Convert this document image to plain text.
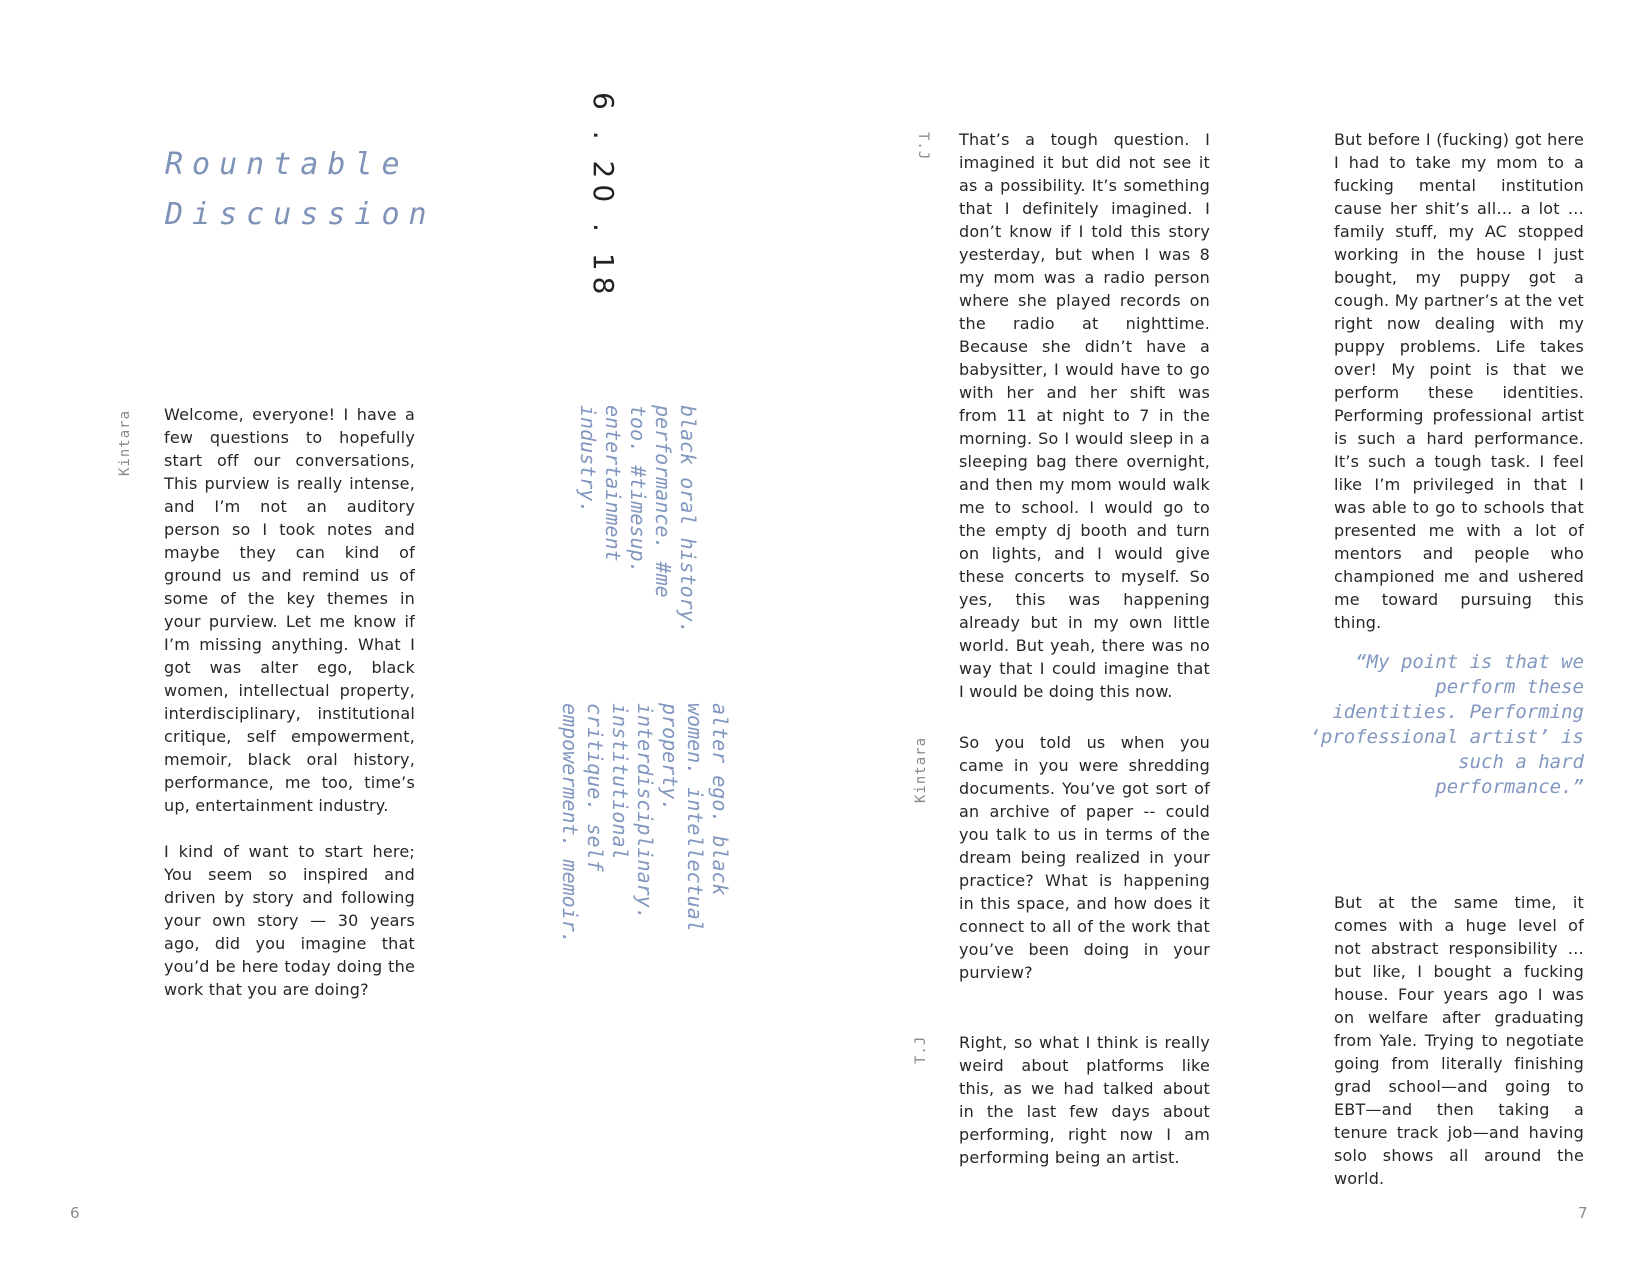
Rountable
Discussion	6 . 20 . 18

black oral history.
performance. #me
too. #timesup.
entertainment
industry.

alter ego. black
women. intellectual
property.
interdisciplinary.
institutional
critique. self
empowerment. memoir.

Kintara Welcome, everyone! I have a few questions to hopefully start off our conversations, This purview is really intense, and I’m not an auditory person so I took notes and maybe they can kind of ground us and remind us of some of the key themes in your purview. Let me know if I’m missing anything. What I got was alter ego, black women, intellectual property, interdisciplinary, institutional critique, self empowerment, memoir, black oral history, performance, me too, time’s up, entertainment industry.

I kind of want to start here; You seem so inspired and driven by story and following your own story — 30 years ago, did you imagine that you’d be here today doing the work that you are doing?

6
T.J That’s a tough question. I imagined it but did not see it as a possibility. It’s something that I definitely imagined. I don’t know if I told this story yesterday, but when I was 8 my mom was a radio person where she played records on the radio at nighttime. Because she didn’t have a babysitter, I would have to go with her and her shift was from 11 at night to 7 in the morning. So I would sleep in a sleeping bag there overnight, and then my mom would walk me to school. I would go to the empty dj booth and turn on lights, and I would give these concerts to myself. So yes, this was happening already but in my own little world. But yeah, there was no way that I could imagine that I would be doing this now.

Kintara So you told us when you came in you were shredding documents. You’ve got sort of an archive of paper -- could you talk to us in terms of the dream being realized in your practice? What is happening in this space, and how does it connect to all of the work that you’ve been doing in your purview?

T.J Right, so what I think is really weird about platforms like this, as we had talked about in the last few days about performing, right now I am performing being an artist.

But before I (fucking) got here I had to take my mom to a fucking mental institution cause her shit’s all… a lot … family stuff, my AC stopped working in the house I just bought, my puppy got a cough. My partner’s at the vet right now dealing with my puppy problems. Life takes over! My point is that we perform these identities. Performing professional artist is such a hard performance. It’s such a tough task. I feel like I’m privileged in that I was able to go to schools that presented me with a lot of mentors and people who championed me and ushered me toward pursuing this thing.

“My point is that we perform these identities. Performing ‘professional artist’ is such a hard performance.”

But at the same time, it comes with a huge level of not abstract responsibility … but like, I bought a fucking house. Four years ago I was on welfare after graduating from Yale. Trying to negotiate going from literally finishing grad school—and going to EBT—and then taking a tenure track job—and having solo shows all around the world.

7
